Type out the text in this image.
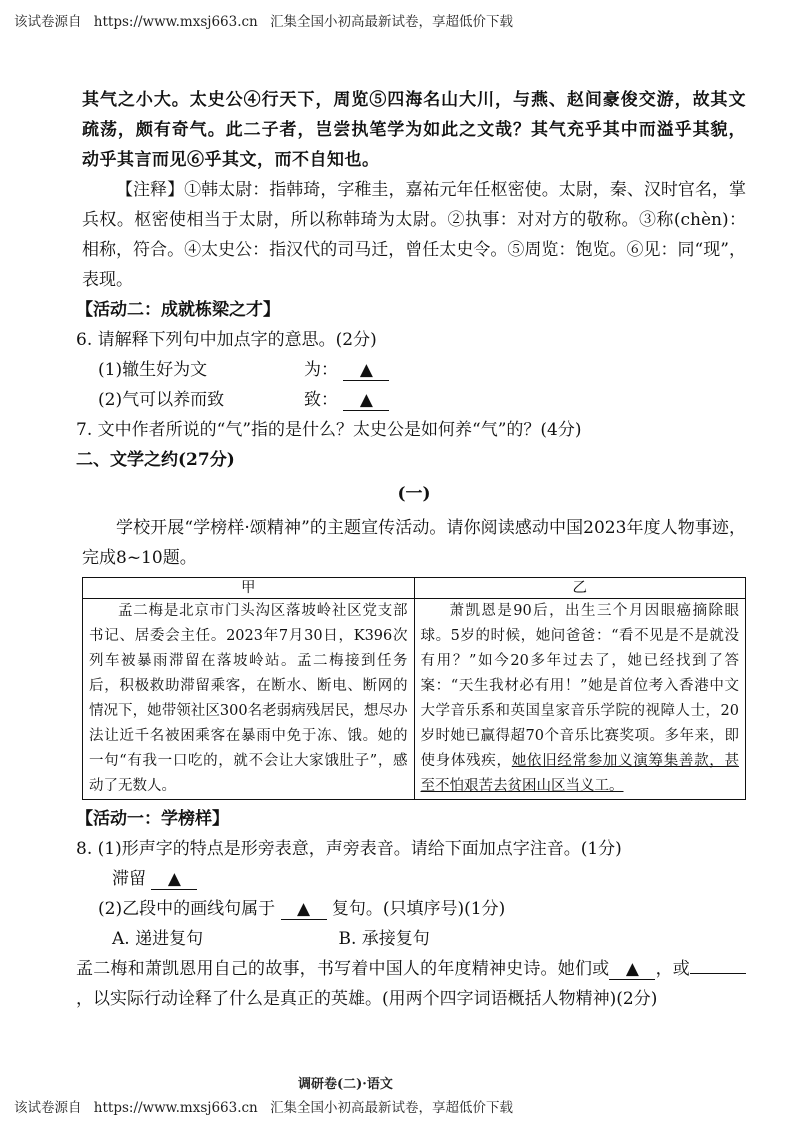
该试卷源自 https://www.mxsj663.cn 汇集全国小初高最新试卷，享超低价下载

其气之小大。太史公④行天下，周览⑤四海名山大川，与燕、赵间豪俊交游，故其文疏荡，颇有奇气。此二子者，岂尝执笔学为如此之文哉？其气充乎其中而溢乎其貌，动乎其言而见⑥乎其文，而不自知也。

【注释】①韩太尉：指韩琦，字稚圭，嘉祐元年任枢密使。太尉，秦、汉时官名，掌兵权。枢密使相当于太尉，所以称韩琦为太尉。②执事：对对方的敬称。③称(chèn)：相称，符合。④太史公：指汉代的司马迁，曾任太史令。⑤周览：饱览。⑥见：同“现”，表现。

【活动二：成就栋梁之才】

6. 请解释下列句中加点字的意思。(2分)

(1)辙生好为文	为： ▲

(2)气可以养而致	致： ▲

7. 文中作者所说的“气”指的是什么？太史公是如何养“气”的？(4分)

二、文学之约(27分)

(一)

学校开展“学榜样·颂精神”的主题宣传活动。请你阅读感动中国2023年度人物事迹，完成8~10题。

甲	乙
孟二梅是北京市门头沟区落坡岭社区党支部书记、居委会主任。2023年7月30日，K396次列车被暴雨滞留在落坡岭站。孟二梅接到任务后，积极救助滞留乘客，在断水、断电、断网的情况下，她带领社区300名老弱病残居民，想尽办法让近千名被困乘客在暴雨中免于冻、饿。她的一句“有我一口吃的，就不会让大家饿肚子”，感动了无数人。	萧凯恩是90后，出生三个月因眼癌摘除眼球。5岁的时候，她问爸爸：“看不见是不是就没有用？”如今20多年过去了，她已经找到了答案：“天生我材必有用！”她是首位考入香港中文大学音乐系和英国皇家音乐学院的视障人士，20岁时她已赢得超70个音乐比赛奖项。多年来，即使身体残疾，她依旧经常参加义演筹集善款，甚至不怕艰苦去贫困山区当义工。

【活动一：学榜样】

8. (1)形声字的特点是形旁表意，声旁表音。请给下面加点字注音。(1分)

滞留 ▲

(2)乙段中的画线句属于 ▲ 复句。(只填序号)(1分)

A. 递进复句	B. 承接复句

孟二梅和萧凯恩用自己的故事，书写着中国人的年度精神史诗。她们或 ▲ ，或，以实际行动诠释了什么是真正的英雄。(用两个四字词语概括人物精神)(2分)

调研卷(二)·语文
该试卷源自 https://www.mxsj663.cn 汇集全国小初高最新试卷，享超低价下载
